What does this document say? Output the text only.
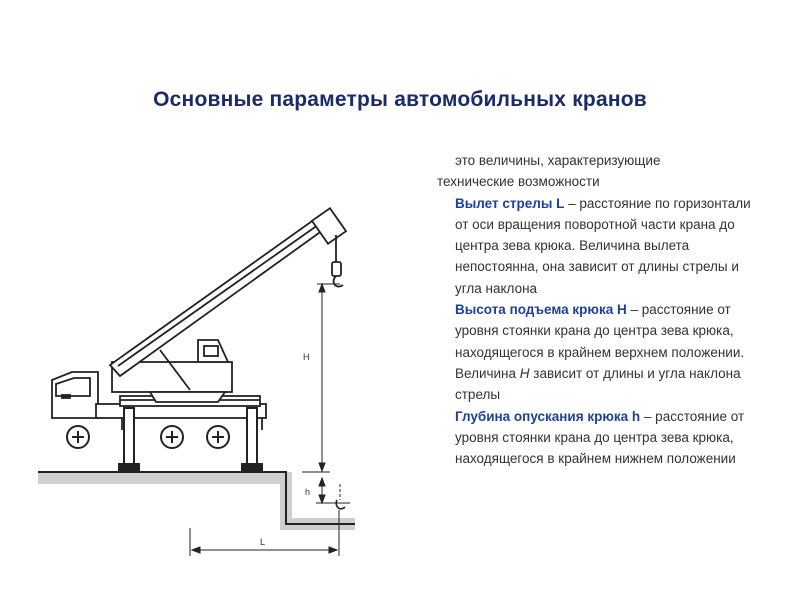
Основные параметры автомобильных кранов
H
h
L

это величины, характеризующие

технические возможности

Вылет стрелы L – расстояние по горизонтали от оси вращения поворотной части крана до центра зева крюка. Величина вылета непостоянна, она зависит от длины стрелы и угла наклона

Высота подъема крюка H – расстояние от уровня стоянки крана до центра зева крюка, находящегося в крайнем верхнем положении. Величина H зависит от длины и угла наклона стрелы

Глубина опускания крюка h – расстояние от уровня стоянки крана до центра зева крюка, находящегося в крайнем нижнем положении
